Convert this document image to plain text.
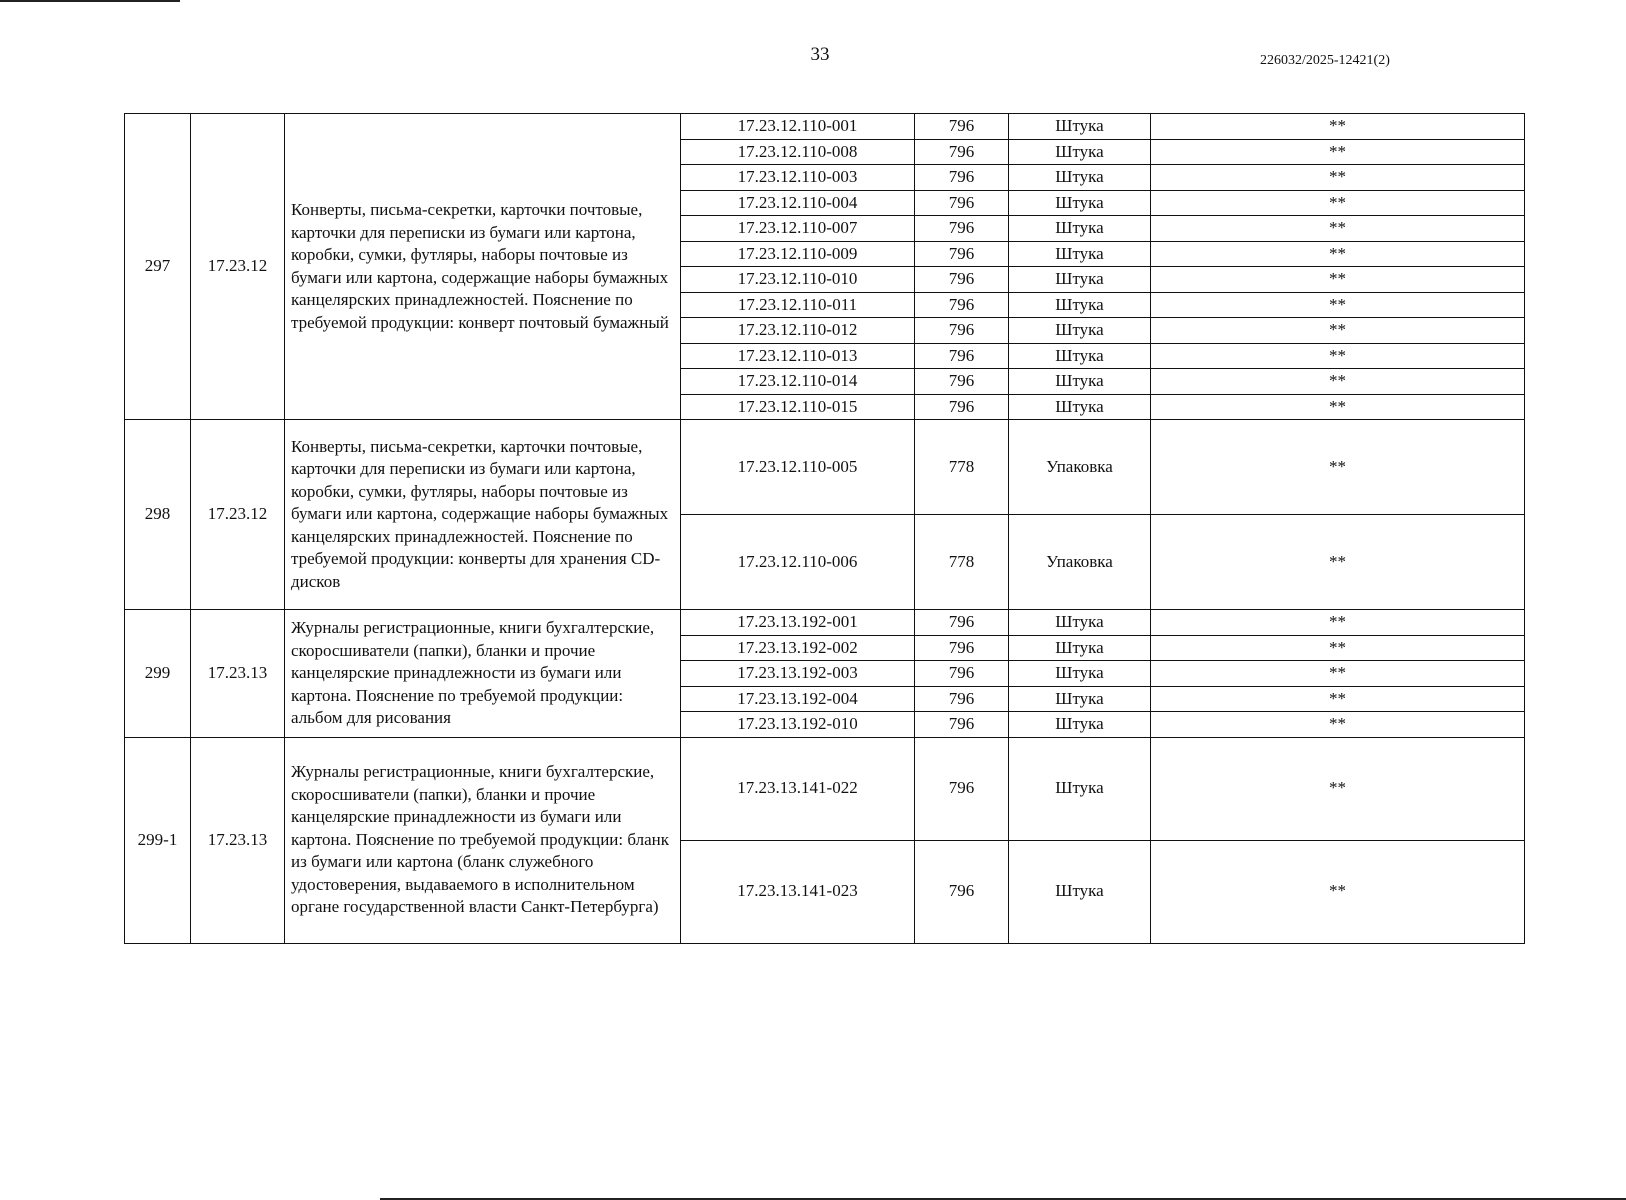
33	226032/2025-12421(2)
297	17.23.12	Конверты, письма-секретки, карточки почтовые, карточки для переписки из бумаги или картона, коробки, сумки, футляры, наборы почтовые из бумаги или картона, содержащие наборы бумажных канцелярских принадлежностей. Пояснение по требуемой продукции: конверт почтовый бумажный	17.23.12.110-001	796	Штука	**
			17.23.12.110-008	796	Штука	**
			17.23.12.110-003	796	Штука	**
			17.23.12.110-004	796	Штука	**
			17.23.12.110-007	796	Штука	**
			17.23.12.110-009	796	Штука	**
			17.23.12.110-010	796	Штука	**
			17.23.12.110-011	796	Штука	**
			17.23.12.110-012	796	Штука	**
			17.23.12.110-013	796	Штука	**
			17.23.12.110-014	796	Штука	**
			17.23.12.110-015	796	Штука	**
298	17.23.12	Конверты, письма-секретки, карточки почтовые, карточки для переписки из бумаги или картона, коробки, сумки, футляры, наборы почтовые из бумаги или картона, содержащие наборы бумажных канцелярских принадлежностей. Пояснение по требуемой продукции: конверты для хранения CD-дисков	17.23.12.110-005	778	Упаковка	**
			17.23.12.110-006	778	Упаковка	**
299	17.23.13	Журналы регистрационные, книги бухгалтерские, скоросшиватели (папки), бланки и прочие канцелярские принадлежности из бумаги или картона. Пояснение по требуемой продукции: альбом для рисования	17.23.13.192-001	796	Штука	**
			17.23.13.192-002	796	Штука	**
			17.23.13.192-003	796	Штука	**
			17.23.13.192-004	796	Штука	**
			17.23.13.192-010	796	Штука	**
299-1	17.23.13	Журналы регистрационные, книги бухгалтерские, скоросшиватели (папки), бланки и прочие канцелярские принадлежности из бумаги или картона. Пояснение по требуемой продукции: бланк из бумаги или картона (бланк служебного удостоверения, выдаваемого в исполнительном органе государственной власти Санкт-Петербурга)	17.23.13.141-022	796	Штука	**
			17.23.13.141-023	796	Штука	**
